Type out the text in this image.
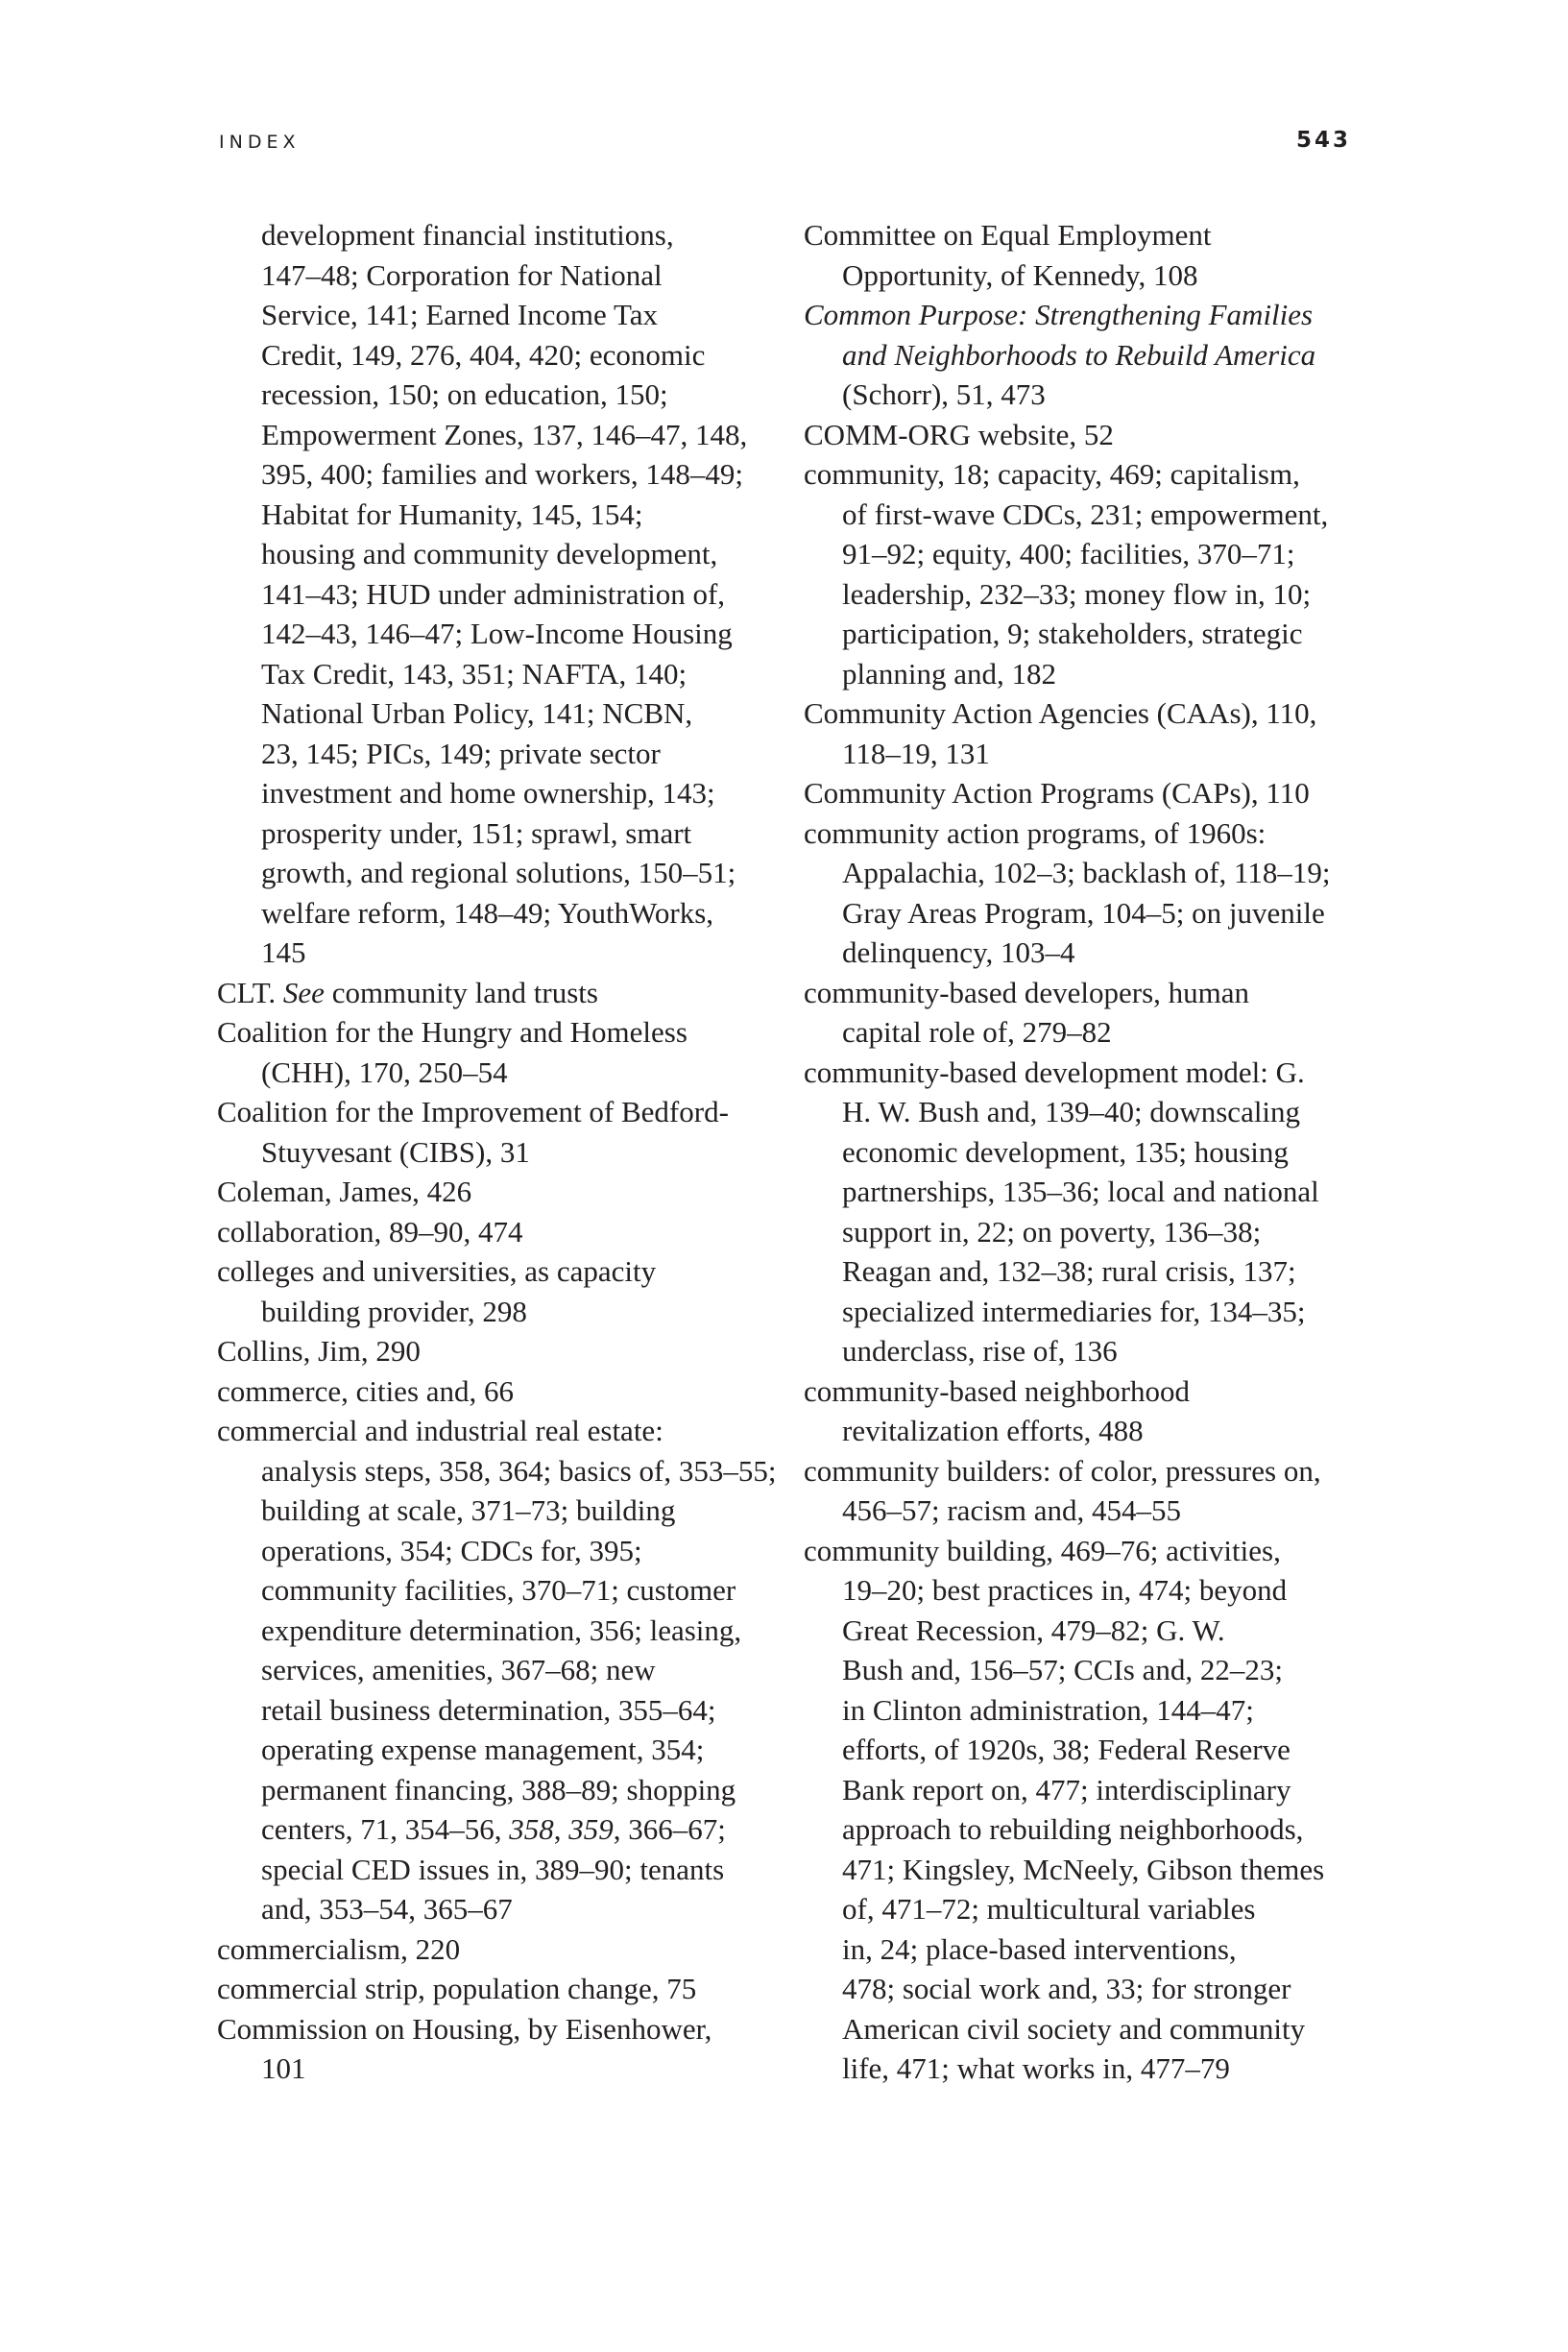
INDEX	543
development financial institutions,
147–48; Corporation for National
Service, 141; Earned Income Tax
Credit, 149, 276, 404, 420; economic
recession, 150; on education, 150;
Empowerment Zones, 137, 146–47, 148,
395, 400; families and workers, 148–49;
Habitat for Humanity, 145, 154;
housing and community development,
141–43; HUD under administration of,
142–43, 146–47; Low-Income Housing
Tax Credit, 143, 351; NAFTA, 140;
National Urban Policy, 141; NCBN,
23, 145; PICs, 149; private sector
investment and home ownership, 143;
prosperity under, 151; sprawl, smart
growth, and regional solutions, 150–51;
welfare reform, 148–49; YouthWorks,
145
CLT. See community land trusts
Coalition for the Hungry and Homeless
(CHH), 170, 250–54
Coalition for the Improvement of Bedford-
Stuyvesant (CIBS), 31
Coleman, James, 426
collaboration, 89–90, 474
colleges and universities, as capacity
building provider, 298
Collins, Jim, 290
commerce, cities and, 66
commercial and industrial real estate:
analysis steps, 358, 364; basics of, 353–55;
building at scale, 371–73; building
operations, 354; CDCs for, 395;
community facilities, 370–71; customer
expenditure determination, 356; leasing,
services, amenities, 367–68; new
retail business determination, 355–64;
operating expense management, 354;
permanent financing, 388–89; shopping
centers, 71, 354–56, 358, 359, 366–67;
special CED issues in, 389–90; tenants
and, 353–54, 365–67
commercialism, 220
commercial strip, population change, 75
Commission on Housing, by Eisenhower,
101
Committee on Equal Employment
Opportunity, of Kennedy, 108
Common Purpose: Strengthening Families
and Neighborhoods to Rebuild America
(Schorr), 51, 473
COMM-ORG website, 52
community, 18; capacity, 469; capitalism,
of first-wave CDCs, 231; empowerment,
91–92; equity, 400; facilities, 370–71;
leadership, 232–33; money flow in, 10;
participation, 9; stakeholders, strategic
planning and, 182
Community Action Agencies (CAAs), 110,
118–19, 131
Community Action Programs (CAPs), 110
community action programs, of 1960s:
Appalachia, 102–3; backlash of, 118–19;
Gray Areas Program, 104–5; on juvenile
delinquency, 103–4
community-based developers, human
capital role of, 279–82
community-based development model: G.
H. W. Bush and, 139–40; downscaling
economic development, 135; housing
partnerships, 135–36; local and national
support in, 22; on poverty, 136–38;
Reagan and, 132–38; rural crisis, 137;
specialized intermediaries for, 134–35;
underclass, rise of, 136
community-based neighborhood
revitalization efforts, 488
community builders: of color, pressures on,
456–57; racism and, 454–55
community building, 469–76; activities,
19–20; best practices in, 474; beyond
Great Recession, 479–82; G. W.
Bush and, 156–57; CCIs and, 22–23;
in Clinton administration, 144–47;
efforts, of 1920s, 38; Federal Reserve
Bank report on, 477; interdisciplinary
approach to rebuilding neighborhoods,
471; Kingsley, McNeely, Gibson themes
of, 471–72; multicultural variables
in, 24; place-based interventions,
478; social work and, 33; for stronger
American civil society and community
life, 471; what works in, 477–79
